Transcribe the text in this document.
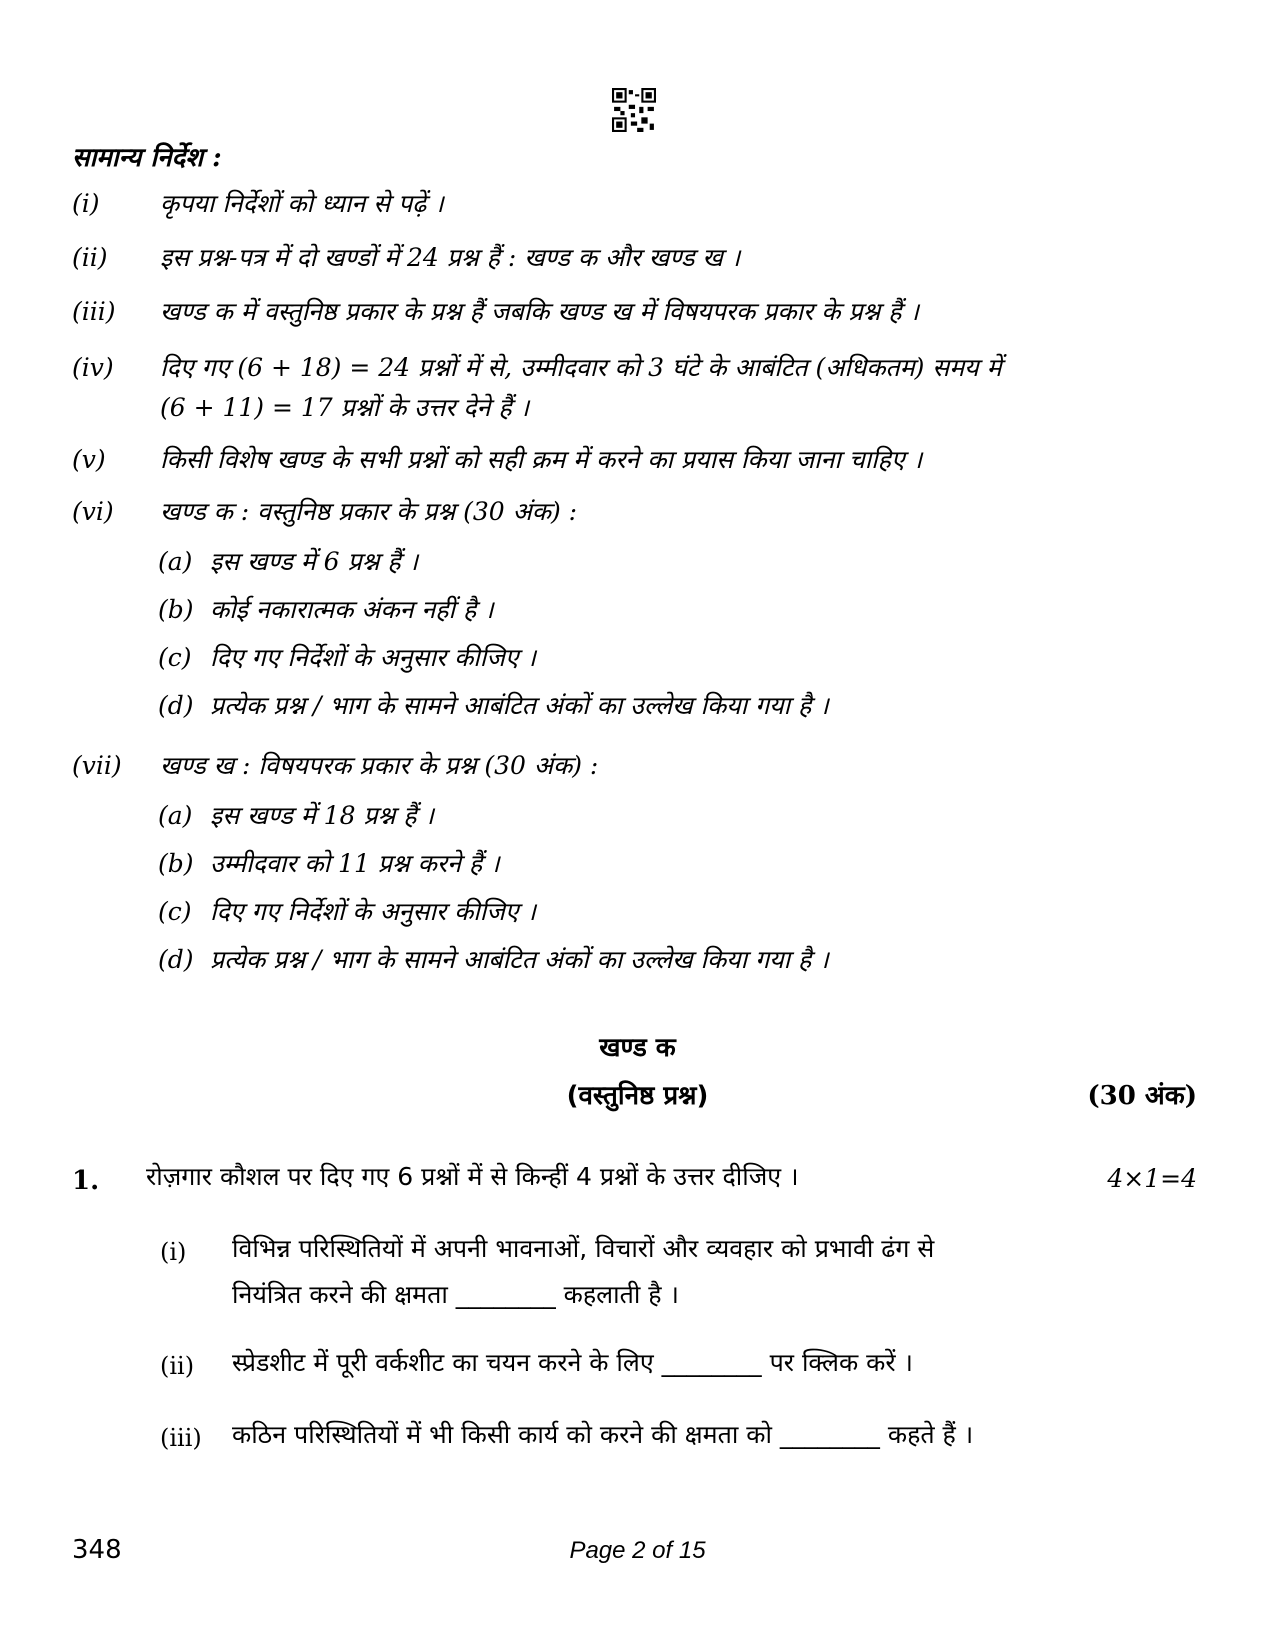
सामान्य निर्देश :
(i)	कृपया निर्देशों को ध्यान से पढ़ें ।
(ii)	इस प्रश्न-पत्र में दो खण्डों में 24 प्रश्न हैं : खण्ड क और खण्ड ख ।
(iii)	खण्ड क में वस्तुनिष्ठ प्रकार के प्रश्न हैं जबकि खण्ड ख में विषयपरक प्रकार के प्रश्न हैं ।
(iv)	दिए गए (6 + 18) = 24 प्रश्नों में से, उम्मीदवार को 3 घंटे के आबंटित (अधिकतम) समय में
(6 + 11) = 17 प्रश्नों के उत्तर देने हैं ।
(v)	किसी विशेष खण्ड के सभी प्रश्नों को सही क्रम में करने का प्रयास किया जाना चाहिए ।
(vi)	खण्ड क : वस्तुनिष्ठ प्रकार के प्रश्न (30 अंक) :
(a) इस खण्ड में 6 प्रश्न हैं ।
(b) कोई नकारात्मक अंकन नहीं है ।
(c) दिए गए निर्देशों के अनुसार कीजिए ।
(d) प्रत्येक प्रश्न / भाग के सामने आबंटित अंकों का उल्लेख किया गया है ।
(vii)	खण्ड ख : विषयपरक प्रकार के प्रश्न (30 अंक) :
(a) इस खण्ड में 18 प्रश्न हैं ।
(b) उम्मीदवार को 11 प्रश्न करने हैं ।
(c) दिए गए निर्देशों के अनुसार कीजिए ।
(d) प्रत्येक प्रश्न / भाग के सामने आबंटित अंकों का उल्लेख किया गया है ।
खण्ड क
(वस्तुनिष्ठ प्रश्न)	(30 अंक)
1. रोज़गार कौशल पर दिए गए 6 प्रश्नों में से किन्हीं 4 प्रश्नों के उत्तर दीजिए ।	4×1=4
(i) विभिन्न परिस्थितियों में अपनी भावनाओं, विचारों और व्यवहार को प्रभावी ढंग से
नियंत्रित करने की क्षमता ________ कहलाती है ।
(ii) स्प्रेडशीट में पूरी वर्कशीट का चयन करने के लिए ________ पर क्लिक करें ।
(iii) कठिन परिस्थितियों में भी किसी कार्य को करने की क्षमता को ________ कहते हैं ।
348	Page 2 of 15
